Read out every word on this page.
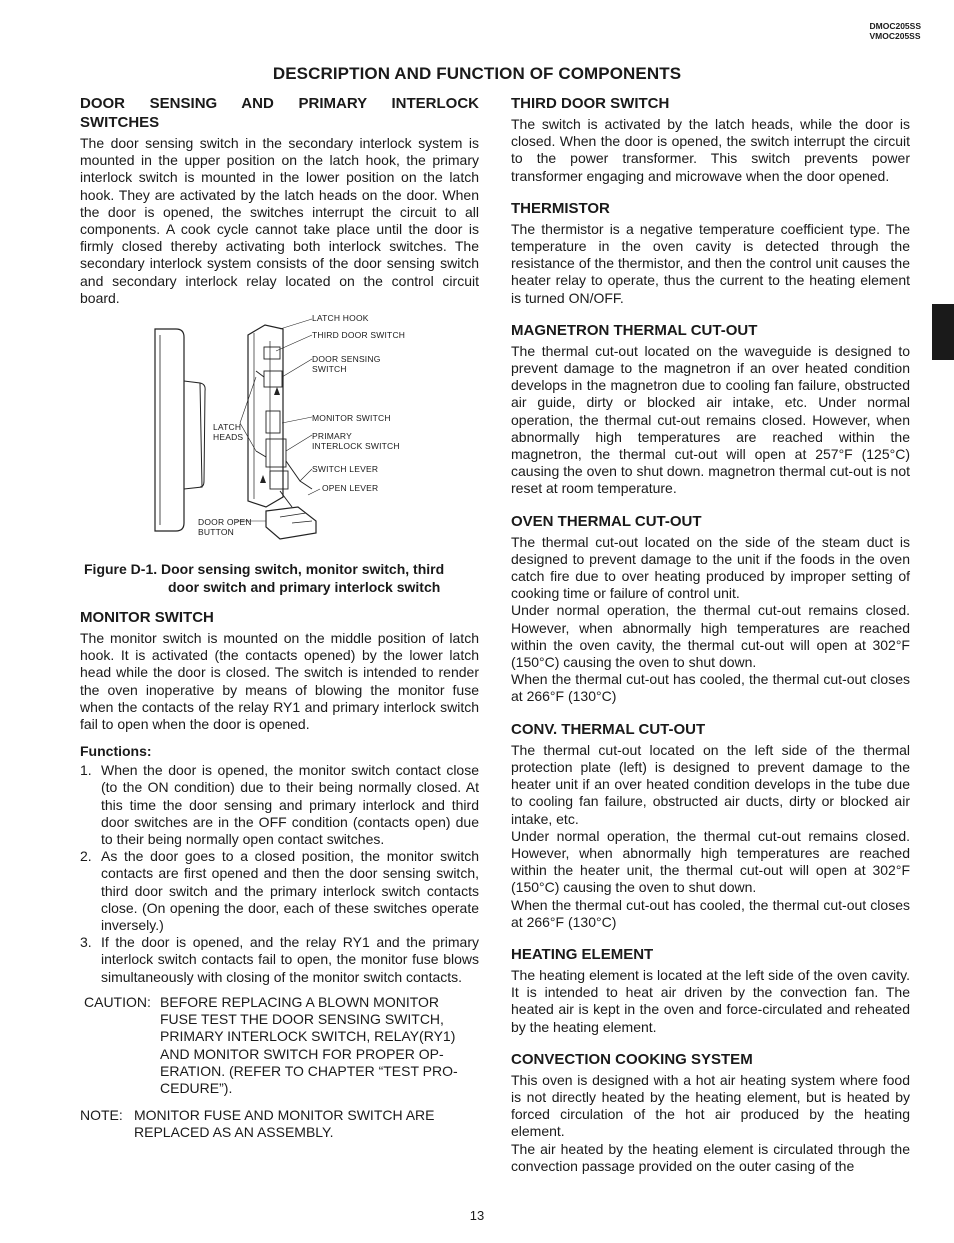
DMOC205SS
VMOC205SS
DESCRIPTION AND FUNCTION OF COMPONENTS
DOOR SENSING AND PRIMARY INTERLOCK SWITCHES

The door sensing switch in the secondary interlock system is mounted in the upper position on the latch hook, the primary interlock switch is mounted in the lower position on the latch hook. They are activated by the latch heads on the door. When the door is opened, the switches interrupt the circuit to all components. A cook cycle cannot take place until the door is firmly closed thereby activating both interlock switches. The secondary interlock system consists of the door sensing switch and secondary interlock relay located on the control circuit board.

LATCH HOOK
THIRD DOOR SWITCH
DOOR SENSING
SWITCH
MONITOR SWITCH
LATCH
HEADS	PRIMARY
INTERLOCK SWITCH
SWITCH LEVER
OPEN LEVER
DOOR OPEN
BUTTON
Figure D-1. Door sensing switch, monitor switch, third
door switch and primary interlock switch
MONITOR SWITCH

The monitor switch is mounted on the middle position of latch hook. It is activated (the contacts opened) by the lower latch head while the door is closed. The switch is intended to render the oven inoperative by means of blowing the monitor fuse when the contacts of the relay RY1 and primary interlock switch fail to open when the door is opened.

Functions:
1. When the door is opened, the monitor switch contact close (to the ON condition) due to their being normally closed. At this time the door sensing and primary interlock and third door switches are in the OFF condition (contacts open) due to their being normally open contact switches.
2. As the door goes to a closed position, the monitor switch contacts are first opened and then the door sensing switch, third door switch and the primary interlock switch contacts close. (On opening the door, each of these switches operate inversely.)
3. If the door is opened, and the relay RY1 and the primary interlock switch contacts fail to open, the monitor fuse blows simultaneously with closing of the monitor switch contacts.
CAUTION: BEFORE REPLACING A BLOWN MONITOR FUSE TEST THE DOOR SENSING SWITCH, PRIMARY INTERLOCK SWITCH, RELAY(RY1) AND MONITOR SWITCH FOR PROPER OP-ERATION. (REFER TO CHAPTER “TEST PRO-CEDURE”).
NOTE: MONITOR FUSE AND MONITOR SWITCH ARE REPLACED AS AN ASSEMBLY.
THIRD DOOR SWITCH

The switch is activated by the latch heads, while the door is closed. When the door is opened, the switch interrupt the circuit to the power transformer. This switch prevents power transformer engaging and microwave when the door opened.

THERMISTOR

The thermistor is a negative temperature coefficient type. The temperature in the oven cavity is detected through the resistance of the thermistor, and then the control unit causes the heater relay to operate, thus the current to the heating element is turned ON/OFF.

MAGNETRON THERMAL CUT-OUT

The thermal cut-out located on the waveguide is designed to prevent damage to the magnetron if an over heated condition develops in the magnetron due to cooling fan failure, obstructed air guide, dirty or blocked air intake, etc. Under normal operation, the thermal cut-out remains closed. However, when abnormally high temperatures are reached within the magnetron, the thermal cut-out will open at 257°F (125°C) causing the oven to shut down. magnetron thermal cut-out is not reset at room temperature.

OVEN THERMAL CUT-OUT

The thermal cut-out located on the side of the steam duct is designed to prevent damage to the unit if the foods in the oven catch fire due to over heating produced by improper setting of cooking time or failure of control unit.

Under normal operation, the thermal cut-out remains closed. However, when abnormally high temperatures are reached within the oven cavity, the thermal cut-out will open at 302°F (150°C) causing the oven to shut down.

When the thermal cut-out has cooled, the thermal cut-out closes at 266°F (130°C)

CONV. THERMAL CUT-OUT

The thermal cut-out located on the left side of the thermal protection plate (left) is designed to prevent damage to the heater unit if an over heated condition develops in the tube due to cooling fan failure, obstructed air ducts, dirty or blocked air intake, etc.

Under normal operation, the thermal cut-out remains closed. However, when abnormally high temperatures are reached within the heater unit, the thermal cut-out will open at 302°F (150°C) causing the oven to shut down.

When the thermal cut-out has cooled, the thermal cut-out closes at 266°F (130°C)

HEATING ELEMENT

The heating element is located at the left side of the oven cavity. It is intended to heat air driven by the convection fan. The heated air is kept in the oven and force-circulated and reheated by the heating element.

CONVECTION COOKING SYSTEM

This oven is designed with a hot air heating system where food is not directly heated by the heating element, but is heated by forced circulation of the hot air produced by the heating element.

The air heated by the heating element is circulated through the convection passage provided on the outer casing of the

13
